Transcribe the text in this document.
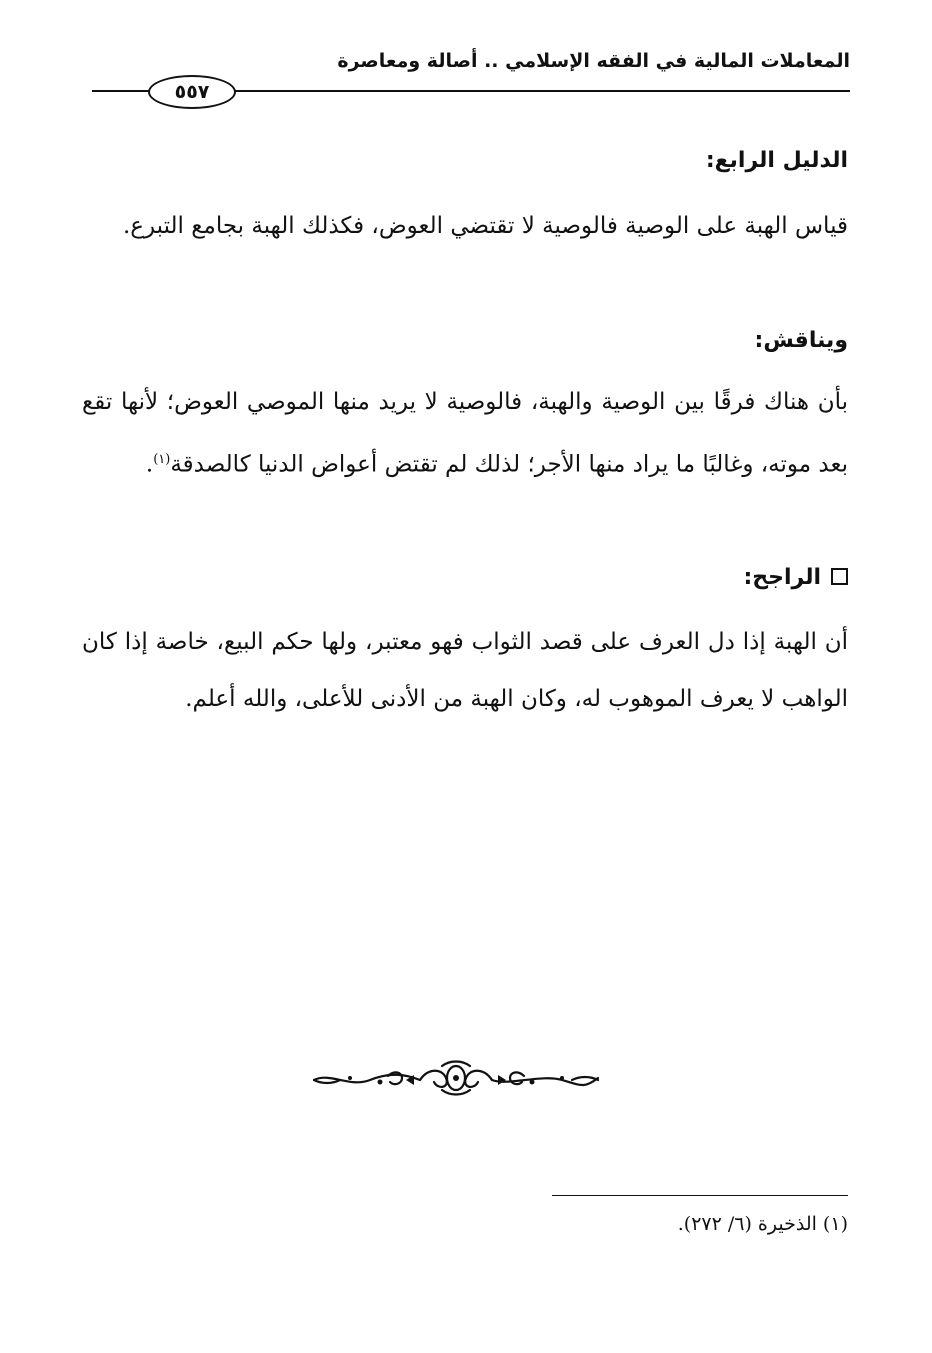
المعاملات المالية في الفقه الإسلامي .. أصالة ومعاصرة
٥٥٧
الدليل الرابع:
قياس الهبة على الوصية فالوصية لا تقتضي العوض، فكذلك الهبة بجامع التبرع.
ويناقش:
بأن هناك فرقًا بين الوصية والهبة، فالوصية لا يريد منها الموصي العوض؛ لأنها تقع بعد موته، وغالبًا ما يراد منها الأجر؛ لذلك لم تقتض أعواض الدنيا كالصدقة$^{(١)}$.
الراجح:
أن الهبة إذا دل العرف على قصد الثواب فهو معتبر، ولها حكم البيع، خاصة إذا كان الواهب لا يعرف الموهوب له، وكان الهبة من الأدنى للأعلى، والله أعلم.
(١) الذخيرة (٦/ ٢٧٢).
